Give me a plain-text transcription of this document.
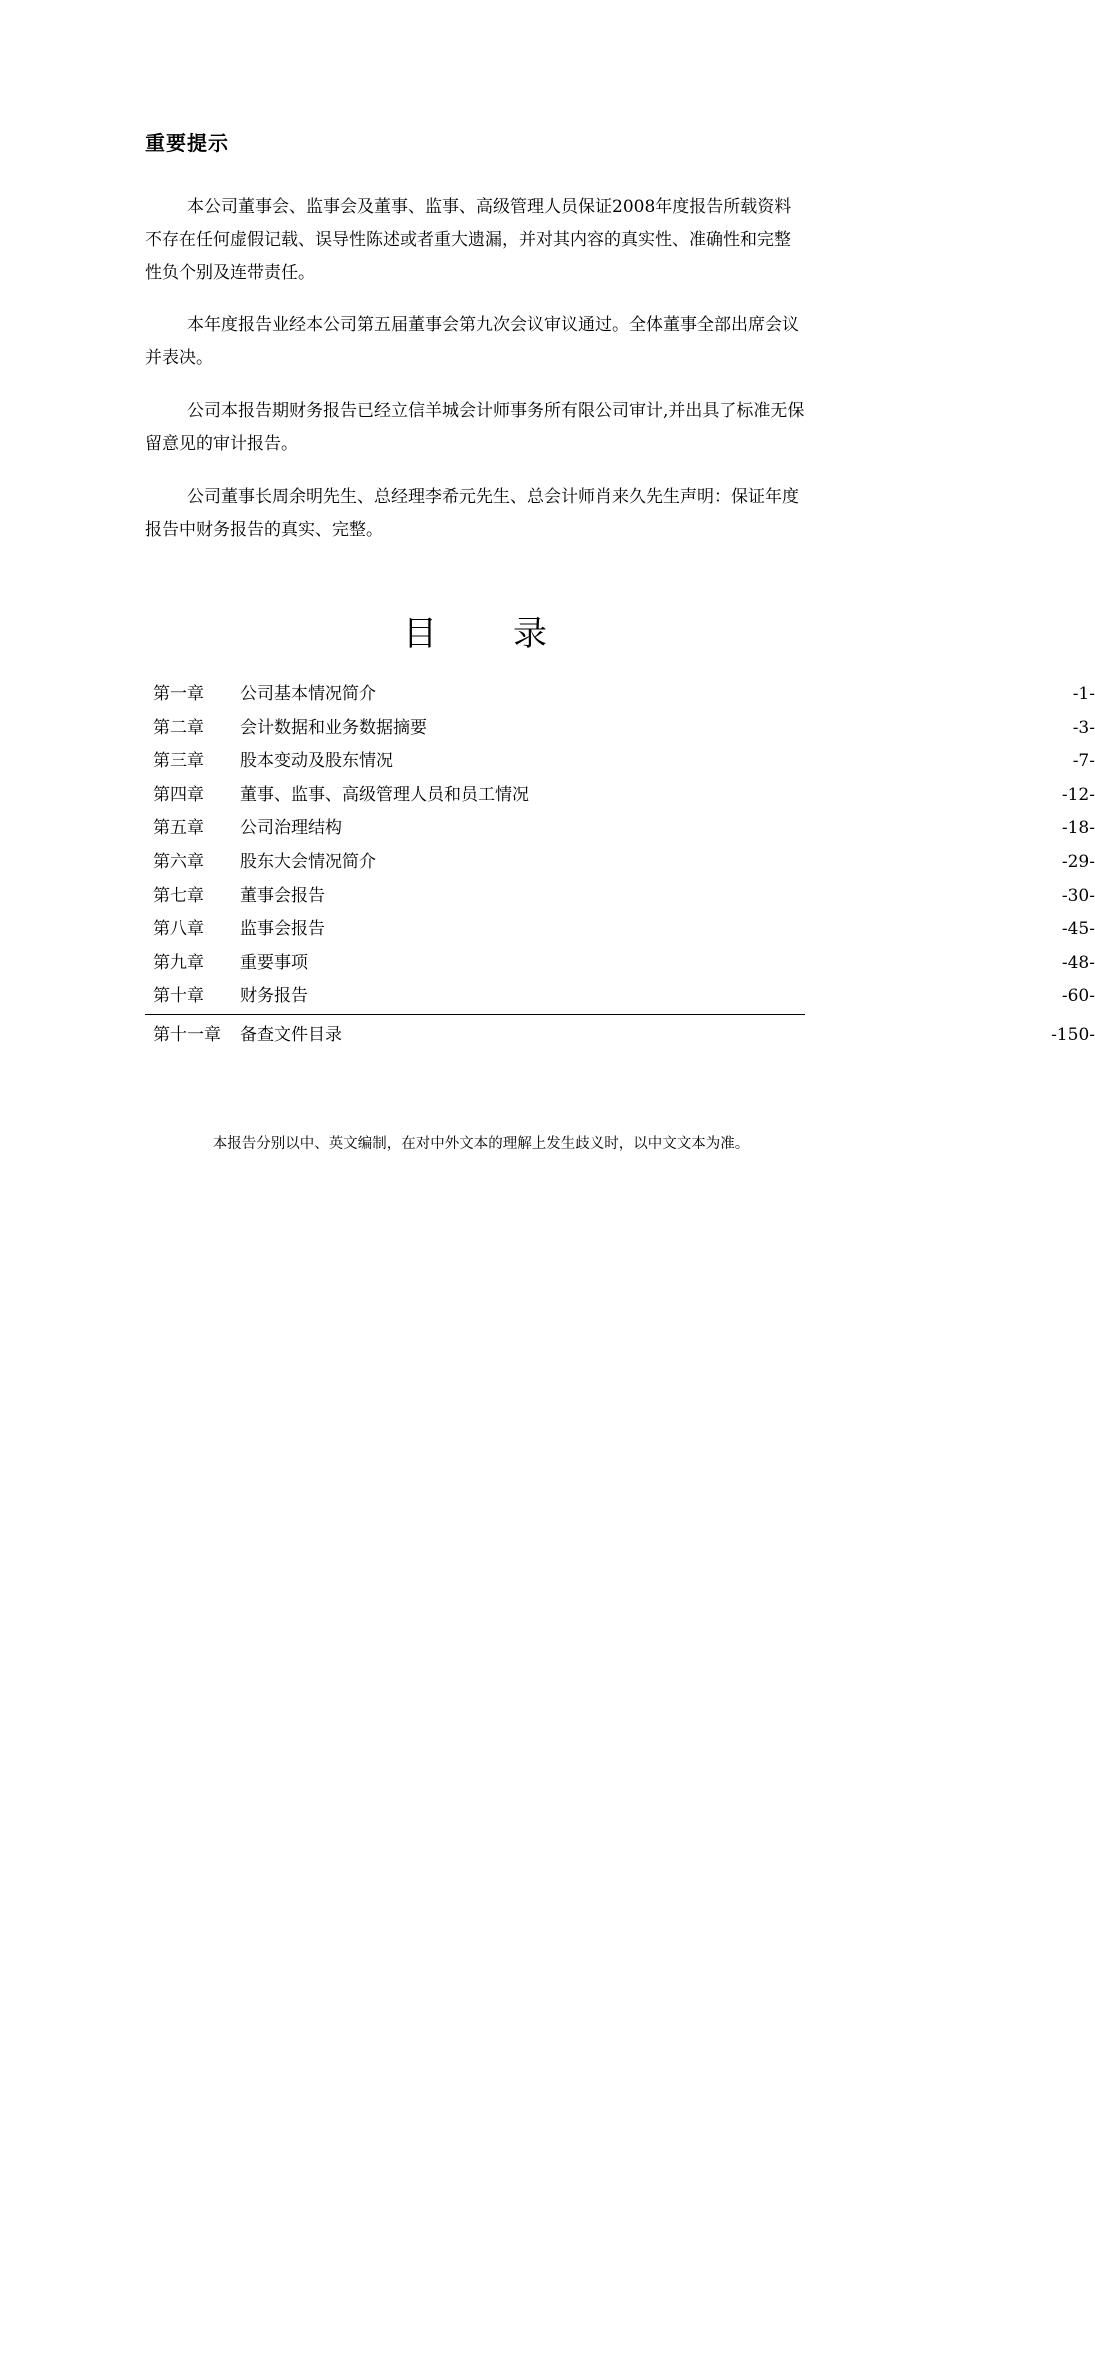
重要提示

本公司董事会、监事会及董事、监事、高级管理人员保证2008年度报告所载资料不存在任何虚假记载、误导性陈述或者重大遗漏，并对其内容的真实性、准确性和完整性负个别及连带责任。

本年度报告业经本公司第五届董事会第九次会议审议通过。全体董事全部出席会议并表决。

公司本报告期财务报告已经立信羊城会计师事务所有限公司审计,并出具了标准无保留意见的审计报告。

公司董事长周余明先生、总经理李希元先生、总会计师肖来久先生声明：保证年度报告中财务报告的真实、完整。

目 录
第一章 公司基本情况简介	-1-
第二章 会计数据和业务数据摘要	-3-
第三章 股本变动及股东情况	-7-
第四章 董事、监事、高级管理人员和员工情况	-12-
第五章 公司治理结构	-18-
第六章 股东大会情况简介	-29-
第七章 董事会报告	-30-
第八章 监事会报告	-45-
第九章 重要事项	-48-
第十章 财务报告	-60-
第十一章 备查文件目录	-150-
本报告分别以中、英文编制，在对中外文本的理解上发生歧义时，以中文文本为准。
